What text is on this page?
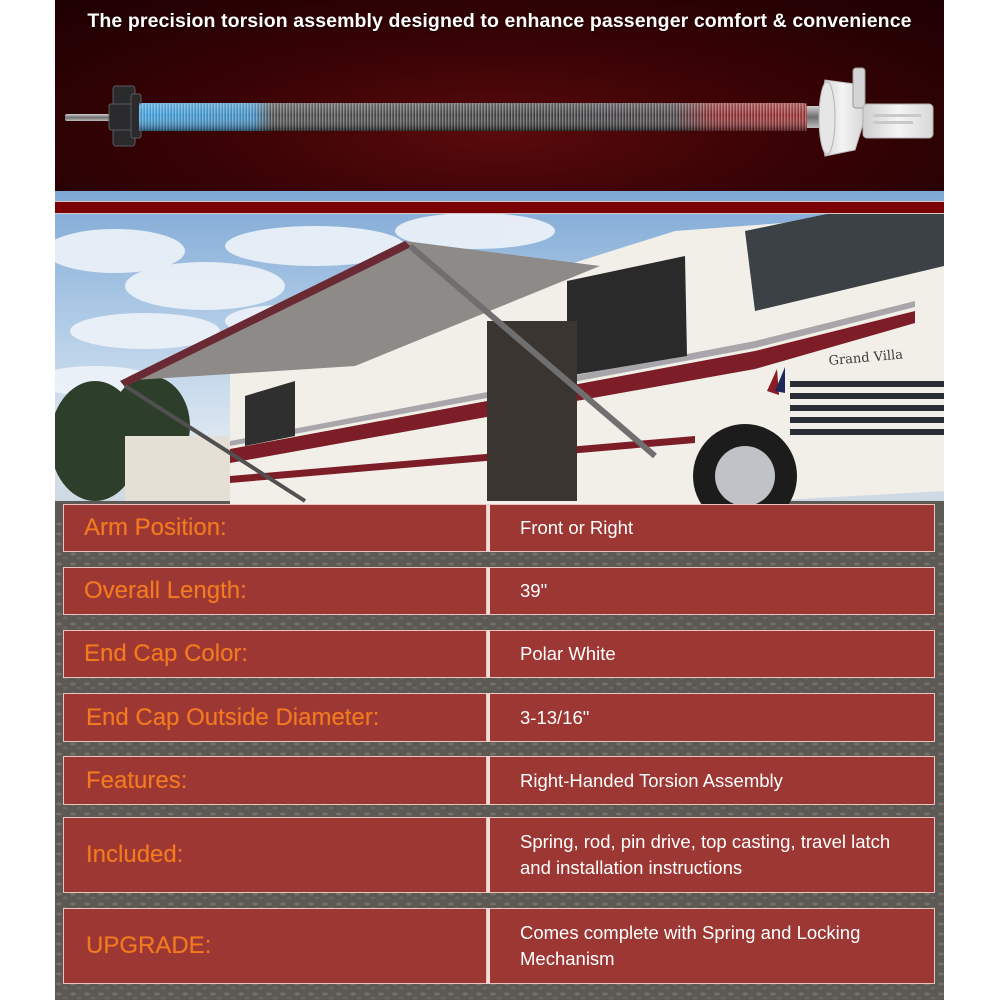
The precision torsion assembly designed to enhance passenger comfort & convenience
Grand Villa
Arm Position:	Front or Right
Overall Length:	39"
End Cap Color:	Polar White
End Cap Outside Diameter:	3-13/16"
Features:	Right-Handed Torsion Assembly
Included:	Spring, rod, pin drive, top casting, travel latch and installation instructions
UPGRADE:	Comes complete with Spring and Locking Mechanism
